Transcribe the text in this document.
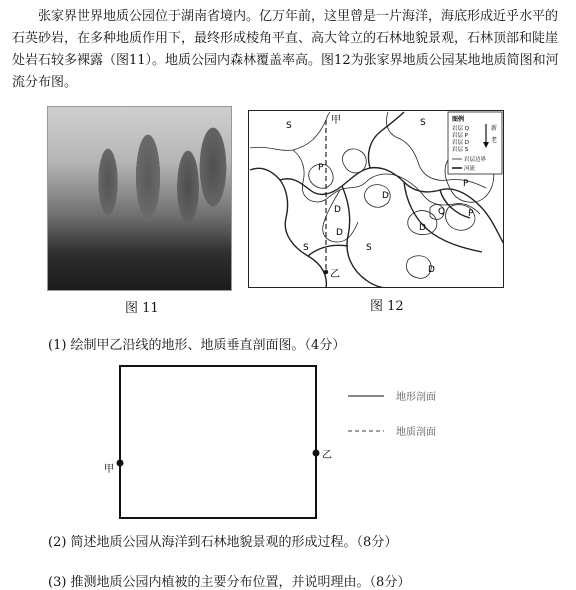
张家界世界地质公园位于湖南省境内。亿万年前，这里曾是一片海洋，海底形成近乎水平的石英砂岩，在多种地质作用下，最终形成棱角平直、高大耸立的石林地貌景观，石林顶部和陡崖处岩石较多裸露（图11）。地质公园内森林覆盖率高。图12为张家界地质公园某地地质简图和河流分布图。

图 11
甲
乙
S	S
P
P
D
D
D	D
Q	P
S	S
D
图例
岩层 Q
岩层 P
岩层 D
岩层 S
新
老
岩层边界
河流
图 12

(1) 绘制甲乙沿线的地形、地质垂直剖面图。（4分）

甲
乙
地形剖面
地质剖面

(2) 简述地质公园从海洋到石林地貌景观的形成过程。（8分）

(3) 推测地质公园内植被的主要分布位置，并说明理由。（8分）
